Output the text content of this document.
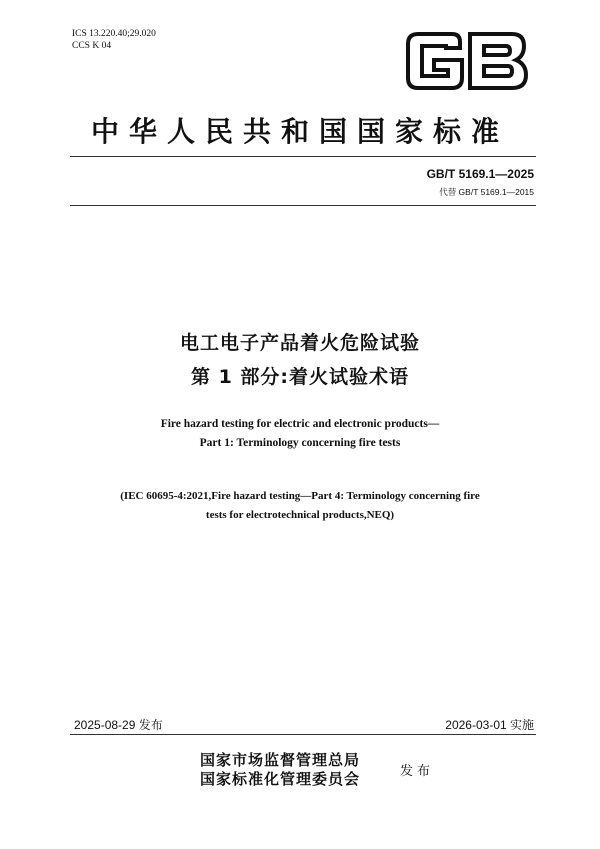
ICS 13.220.40;29.020
CCS K 04
中华人民共和国国家标准
GB/T 5169.1—2025
代替 GB/T 5169.1—2015
电工电子产品着火危险试验
第 1 部分:着火试验术语
Fire hazard testing for electric and electronic products—
Part 1: Terminology concerning fire tests
(IEC 60695-4:2021,Fire hazard testing—Part 4: Terminology concerning fire
tests for electrotechnical products,NEQ)
2025-08-29 发布	2026-03-01 实施
国家市场监督管理总局
国家标准化管理委员会	发布
